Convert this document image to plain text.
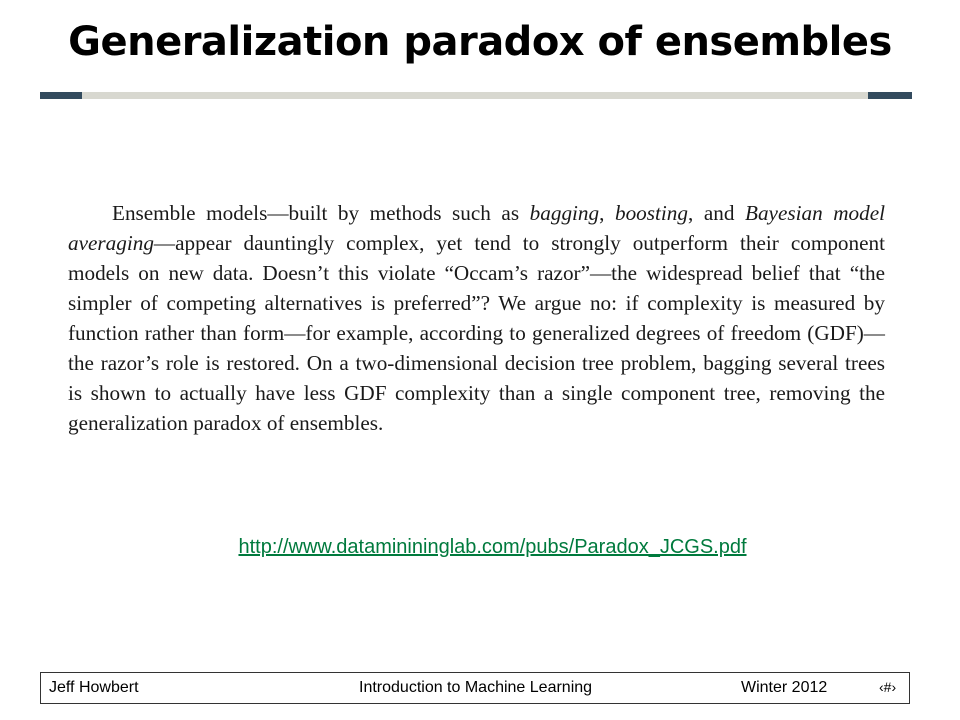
Generalization paradox of ensembles

Ensemble models—built by methods such as bagging, boosting, and Bayesian model averaging—appear dauntingly complex, yet tend to strongly outperform their component models on new data. Doesn’t this violate “Occam’s razor”—the widespread belief that “the simpler of competing alternatives is preferred”? We argue no: if complexity is measured by function rather than form—for example, according to generalized degrees of freedom (GDF)—the razor’s role is restored. On a two-dimensional decision tree problem, bagging several trees is shown to actually have less GDF complexity than a single component tree, removing the generalization paradox of ensembles.

http://www.dataminininglab.com/pubs/Paradox_JCGS.pdf
Jeff Howbert	Introduction to Machine Learning	Winter 2012	‹#›
